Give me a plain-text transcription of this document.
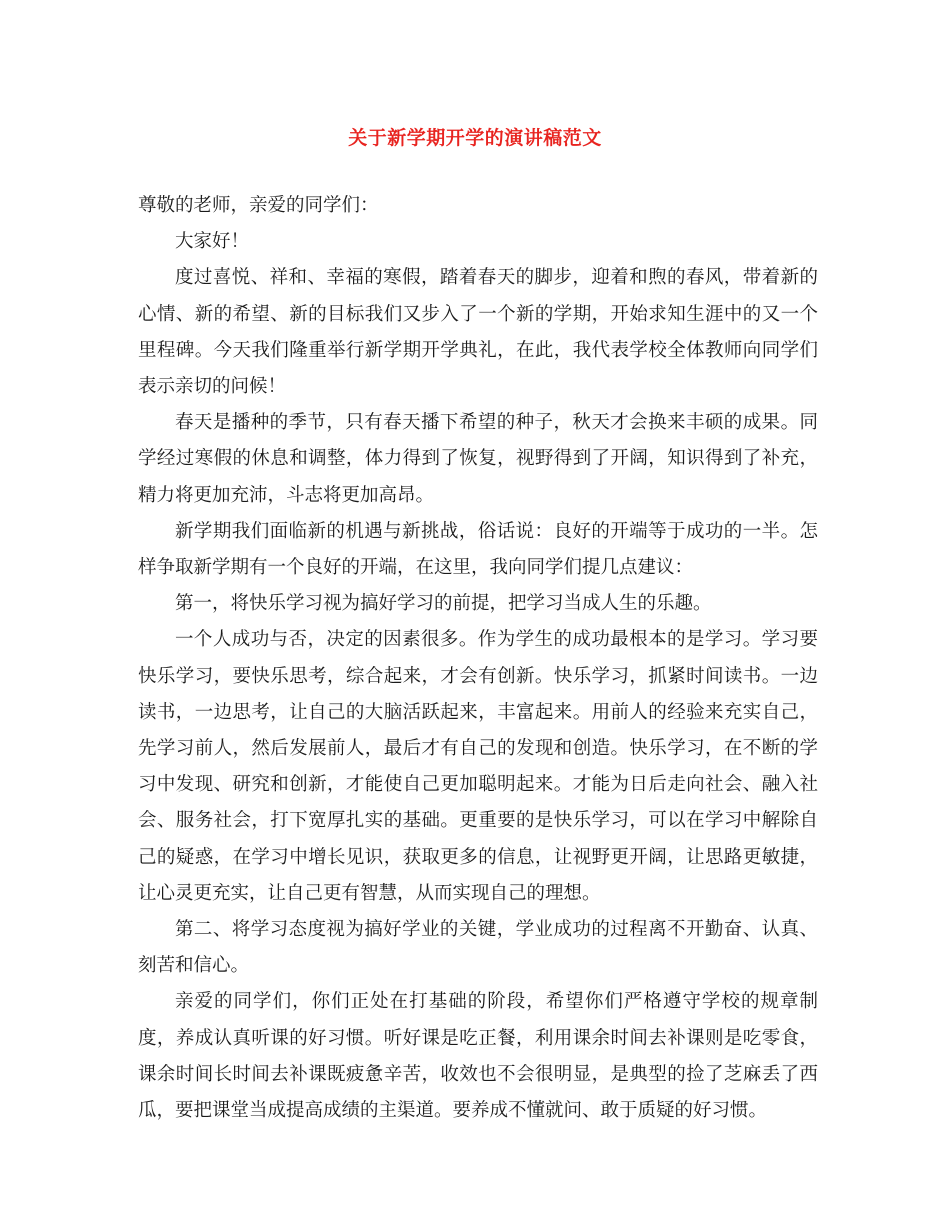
关于新学期开学的演讲稿范文

尊敬的老师，亲爱的同学们：

大家好！

度过喜悦、祥和、幸福的寒假，踏着春天的脚步，迎着和煦的春风，带着新的心情、新的希望、新的目标我们又步入了一个新的学期，开始求知生涯中的又一个里程碑。今天我们隆重举行新学期开学典礼，在此，我代表学校全体教师向同学们表示亲切的问候！

春天是播种的季节，只有春天播下希望的种子，秋天才会换来丰硕的成果。同学经过寒假的休息和调整，体力得到了恢复，视野得到了开阔，知识得到了补充，精力将更加充沛，斗志将更加高昂。

新学期我们面临新的机遇与新挑战，俗话说：良好的开端等于成功的一半。怎样争取新学期有一个良好的开端，在这里，我向同学们提几点建议：

第一，将快乐学习视为搞好学习的前提，把学习当成人生的乐趣。

一个人成功与否，决定的因素很多。作为学生的成功最根本的是学习。学习要快乐学习，要快乐思考，综合起来，才会有创新。快乐学习，抓紧时间读书。一边读书，一边思考，让自己的大脑活跃起来，丰富起来。用前人的经验来充实自己，先学习前人，然后发展前人，最后才有自己的发现和创造。快乐学习，在不断的学习中发现、研究和创新，才能使自己更加聪明起来。才能为日后走向社会、融入社会、服务社会，打下宽厚扎实的基础。更重要的是快乐学习，可以在学习中解除自己的疑惑，在学习中增长见识，获取更多的信息，让视野更开阔，让思路更敏捷，让心灵更充实，让自己更有智慧，从而实现自己的理想。

第二、将学习态度视为搞好学业的关键，学业成功的过程离不开勤奋、认真、刻苦和信心。

亲爱的同学们，你们正处在打基础的阶段，希望你们严格遵守学校的规章制度，养成认真听课的好习惯。听好课是吃正餐，利用课余时间去补课则是吃零食，课余时间长时间去补课既疲惫辛苦，收效也不会很明显，是典型的捡了芝麻丢了西瓜，要把课堂当成提高成绩的主渠道。要养成不懂就问、敢于质疑的好习惯。
